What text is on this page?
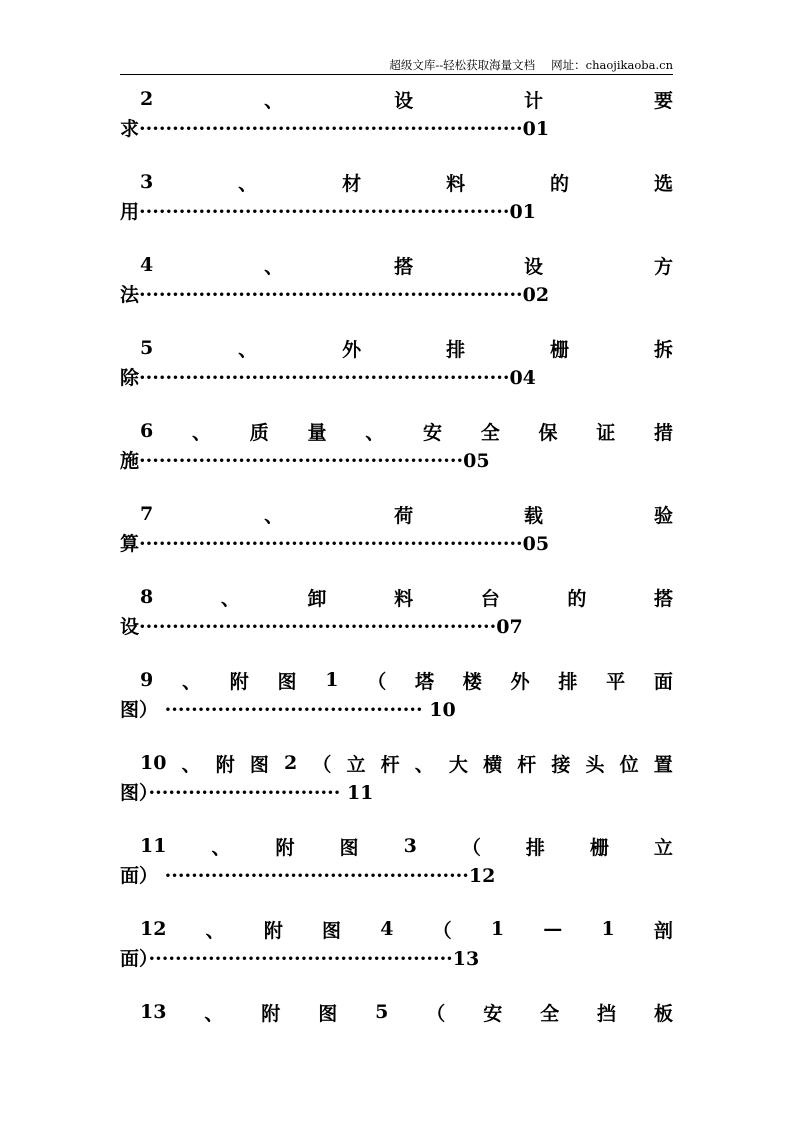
超级文库--轻松获取海量文档 网址：chaojikaoba.cn
2	、	设	计	要
求··························································01
3	、	材	料	的	选
用························································01
4	、	搭	设	方
法··························································02
5	、	外	排	栅	拆
除························································04
6 、 质 量 、 安 全 保 证 措
施·················································05
7	、	荷	载	验
算··························································05
8	、	卸	料	台	的	搭
设······················································07
9 、 附 图 1 （ 塔 楼 外 排 平 面
图） ······································· 10
10 、 附 图 2 （ 立 杆 、 大 横 杆 接 头 位 置
图）····························· 11
11 、 附 图 3 （ 排 栅 立
面） ··············································12
12 、 附 图 4 （ 1 — 1 剖
面）··············································13
13 、 附 图 5 （ 安 全 挡 板
